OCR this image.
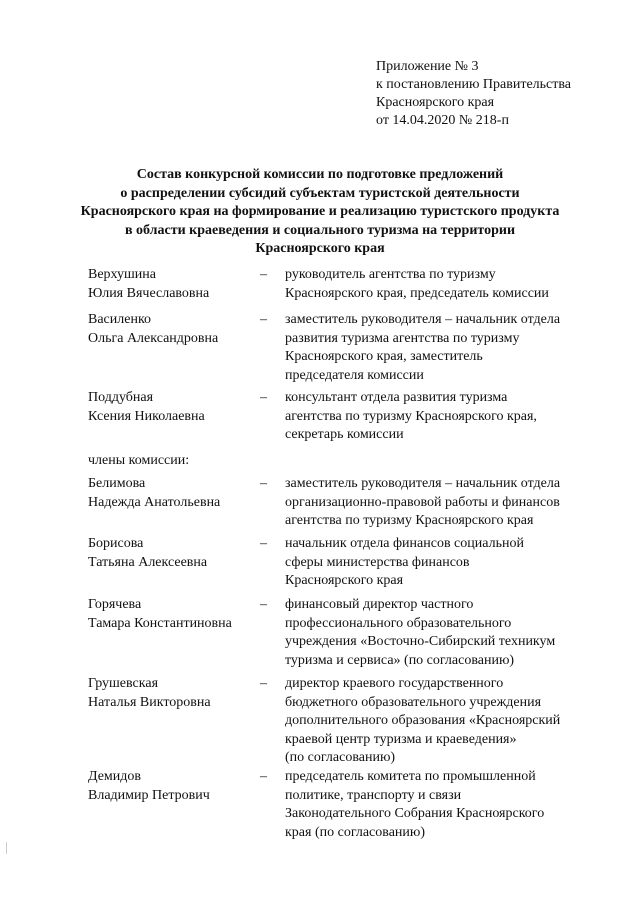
Приложение № 3
к постановлению Правительства
Красноярского края
от 14.04.2020 № 218-п
Состав конкурсной комиссии по подготовке предложений
о распределении субсидий субъектам туристской деятельности
Красноярского края на формирование и реализацию туристского продукта
в области краеведения и социального туризма на территории
Красноярского края
Верхушина
Юлия Вячеславовна
– руководитель агентства по туризму
Красноярского края, председатель комиссии
Василенко
Ольга Александровна
– заместитель руководителя – начальник отдела
развития туризма агентства по туризму
Красноярского края, заместитель
председателя комиссии
Поддубная
Ксения Николаевна
– консультант отдела развития туризма
агентства по туризму Красноярского края,
секретарь комиссии
члены комиссии:
Белимова
Надежда Анатольевна
– заместитель руководителя – начальник отдела
организационно-правовой работы и финансов
агентства по туризму Красноярского края
Борисова
Татьяна Алексеевна
– начальник отдела финансов социальной
сферы министерства финансов
Красноярского края
Горячева
Тамара Константиновна
– финансовый директор частного
профессионального образовательного
учреждения «Восточно-Сибирский техникум
туризма и сервиса» (по согласованию)
Грушевская
Наталья Викторовна
– директор краевого государственного
бюджетного образовательного учреждения
дополнительного образования «Красноярский
краевой центр туризма и краеведения»
(по согласованию)
Демидов
Владимир Петрович
– председатель комитета по промышленной
политике, транспорту и связи
Законодательного Собрания Красноярского
края (по согласованию)
